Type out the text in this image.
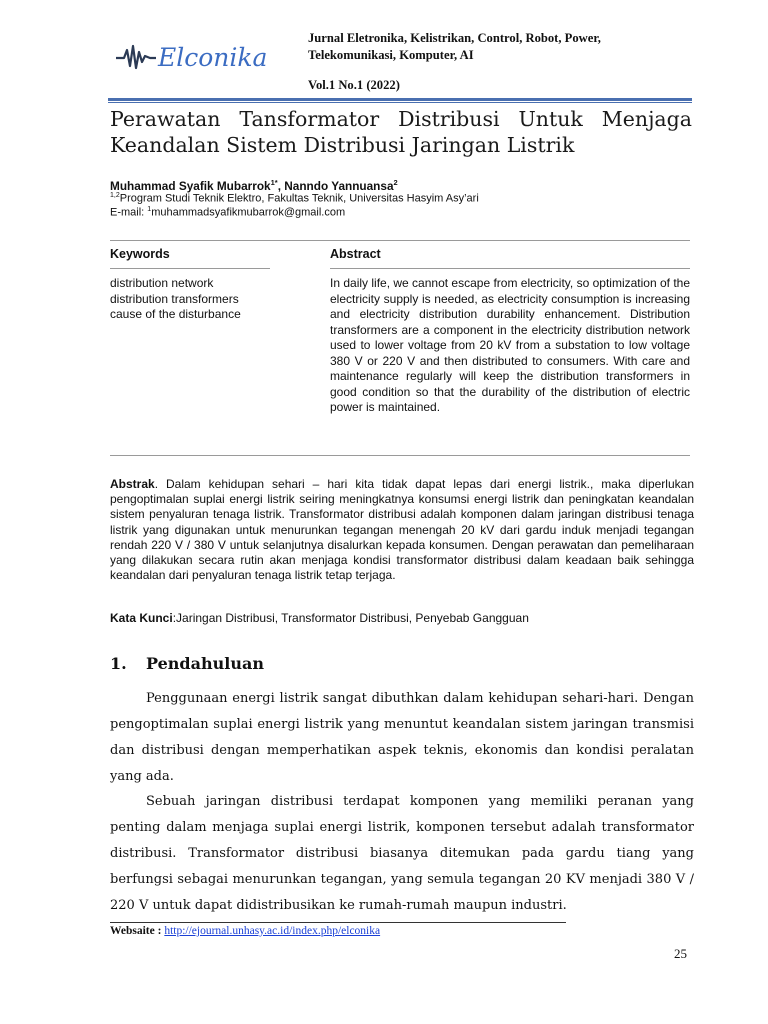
Elconika
Jurnal Eletronika, Kelistrikan, Control, Robot, Power,
Telekomunikasi, Komputer, AI
Vol.1 No.1 (2022)
Perawatan Tansformator Distribusi Untuk Menjaga
Keandalan Sistem Distribusi Jaringan Listrik
Muhammad Syafik Mubarrok$^{1*}$, Nanndo Yannuansa$^2$
$^{1,2}$Program Studi Teknik Elektro, Fakultas Teknik, Universitas Hasyim Asy’ari
E-mail: $^1$muhammadsyafikmubarrok@gmail.com
Keywords	Abstract
distribution network
distribution transformers
cause of the disturbance
In daily life, we cannot escape from electricity, so optimization of the electricity supply is needed, as electricity consumption is increasing and electricity distribution durability enhancement. Distribution transformers are a component in the electricity distribution network used to lower voltage from 20 kV from a substation to low voltage 380 V or 220 V and then distributed to consumers. With care and maintenance regularly will keep the distribution transformers in good condition so that the durability of the distribution of electric power is maintained.
Abstrak. Dalam kehidupan sehari – hari kita tidak dapat lepas dari energi listrik., maka diperlukan pengoptimalan suplai energi listrik seiring meningkatnya konsumsi energi listrik dan peningkatan keandalan sistem penyaluran tenaga listrik. Transformator distribusi adalah komponen dalam jaringan distribusi tenaga listrik yang digunakan untuk menurunkan tegangan menengah 20 kV dari gardu induk menjadi tegangan rendah 220 V / 380 V untuk selanjutnya disalurkan kepada konsumen. Dengan perawatan dan pemeliharaan yang dilakukan secara rutin akan menjaga kondisi transformator distribusi dalam keadaan baik sehingga keandalan dari penyaluran tenaga listrik tetap terjaga.
Kata Kunci:Jaringan Distribusi, Transformator Distribusi, Penyebab Gangguan
1. Pendahuluan
Penggunaan energi listrik sangat dibuthkan dalam kehidupan sehari-hari. Dengan pengoptimalan suplai energi listrik yang menuntut keandalan sistem jaringan transmisi dan distribusi dengan memperhatikan aspek teknis, ekonomis dan kondisi peralatan yang ada.
Sebuah jaringan distribusi terdapat komponen yang memiliki peranan yang penting dalam menjaga suplai energi listrik, komponen tersebut adalah transformator distribusi. Transformator distribusi biasanya ditemukan pada gardu tiang yang berfungsi sebagai menurunkan tegangan, yang semula tegangan 20 KV menjadi 380 V / 220 V untuk dapat didistribusikan ke rumah-rumah maupun industri.
Websaite : http://ejournal.unhasy.ac.id/index.php/elconika
25
